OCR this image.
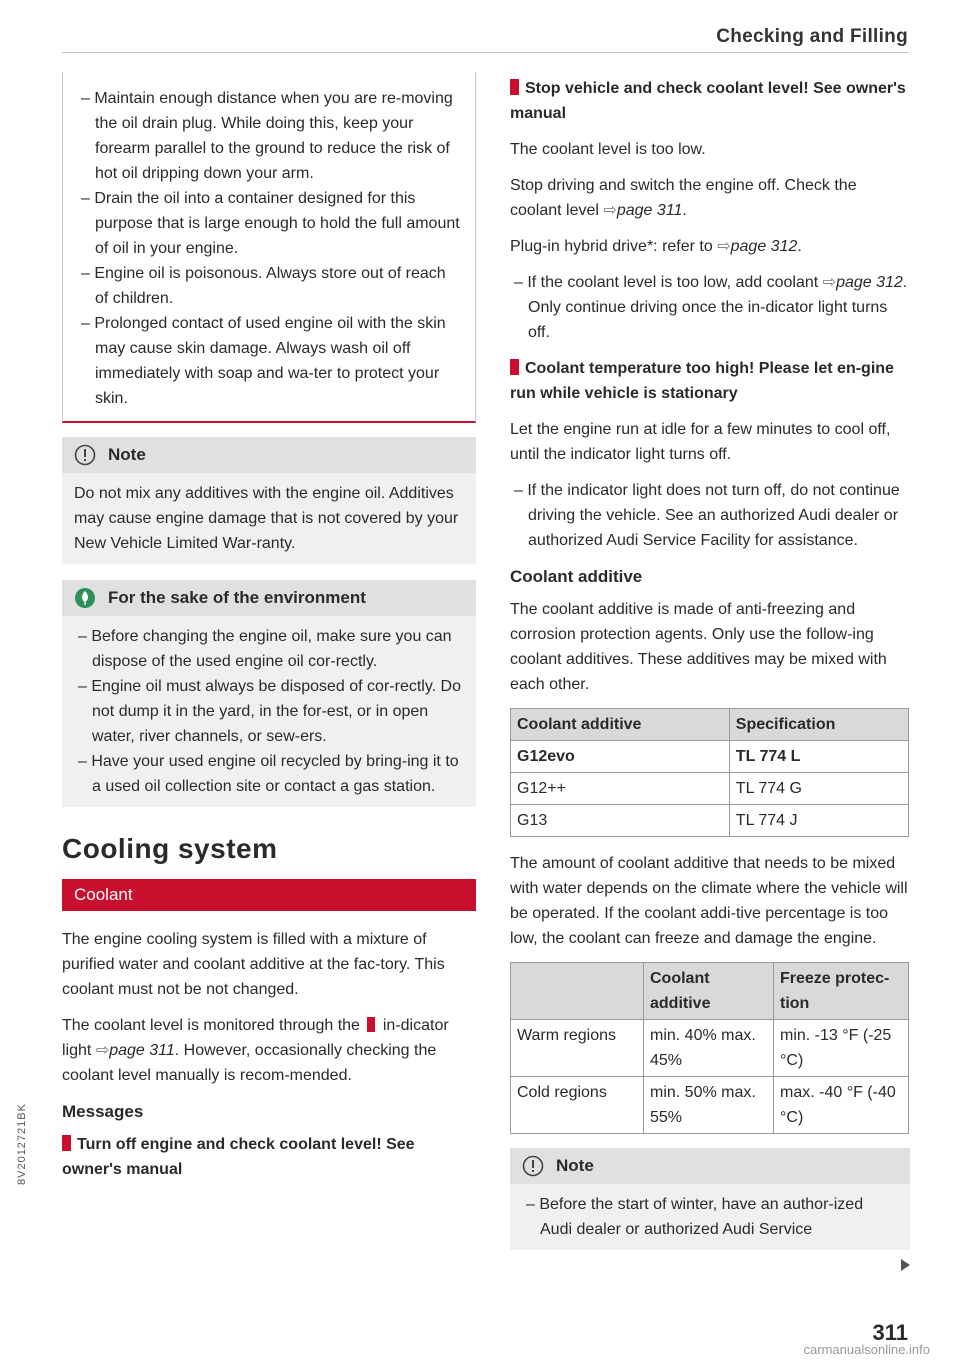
Checking and Filling
– Maintain enough distance when you are re-moving the oil drain plug. While doing this, keep your forearm parallel to the ground to reduce the risk of hot oil dripping down your arm.
– Drain the oil into a container designed for this purpose that is large enough to hold the full amount of oil in your engine.
– Engine oil is poisonous. Always store out of reach of children.
– Prolonged contact of used engine oil with the skin may cause skin damage. Always wash oil off immediately with soap and wa-ter to protect your skin.
Note

Do not mix any additives with the engine oil. Additives may cause engine damage that is not covered by your New Vehicle Limited War-ranty.

For the sake of the environment
– Before changing the engine oil, make sure you can dispose of the used engine oil cor-rectly.
– Engine oil must always be disposed of cor-rectly. Do not dump it in the yard, in the for-est, or in open water, river channels, or sew-ers.
– Have your used engine oil recycled by bring-ing it to a used oil collection site or contact a gas station.
Cooling system
Coolant

The engine cooling system is filled with a mixture of purified water and coolant additive at the fac-tory. This coolant must not be not changed.

The coolant level is monitored through the in-dicator light ⇨page 311. However, occasionally checking the coolant level manually is recom-mended.

Messages
Turn off engine and check coolant level! See owner's manual
Stop vehicle and check coolant level! See owner's manual

The coolant level is too low.

Stop driving and switch the engine off. Check the coolant level ⇨page 311.

Plug-in hybrid drive*: refer to ⇨page 312.

– If the coolant level is too low, add coolant ⇨page 312. Only continue driving once the in-dicator light turns off.
Coolant temperature too high! Please let en-gine run while vehicle is stationary

Let the engine run at idle for a few minutes to cool off, until the indicator light turns off.

– If the indicator light does not turn off, do not continue driving the vehicle. See an authorized Audi dealer or authorized Audi Service Facility for assistance.
Coolant additive

The coolant additive is made of anti-freezing and corrosion protection agents. Only use the follow-ing coolant additives. These additives may be mixed with each other.

Coolant additive	Specification
G12evo	TL 774 L
G12++	TL 774 G
G13	TL 774 J

The amount of coolant additive that needs to be mixed with water depends on the climate where the vehicle will be operated. If the coolant addi-tive percentage is too low, the coolant can freeze and damage the engine.

	Coolant additive	Freeze protec-tion
Warm regions	min. 40% max. 45%	min. -13 °F (-25 °C)
Cold regions	min. 50% max. 55%	max. -40 °F (-40 °C)
Note
– Before the start of winter, have an author-ized Audi dealer or authorized Audi Service
8V2012721BK
311
carmanualsonline.info
